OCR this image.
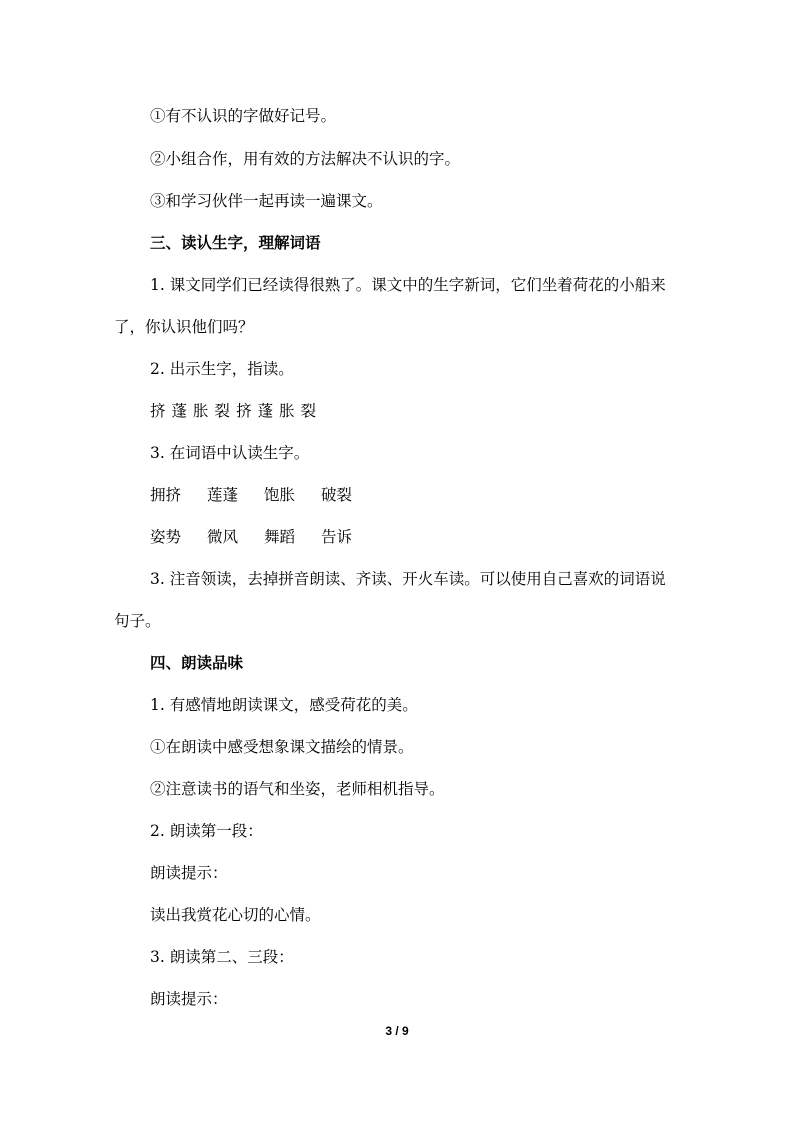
①有不认识的字做好记号。
②小组合作，用有效的方法解决不认识的字。
③和学习伙伴一起再读一遍课文。
三、读认生字，理解词语
1. 课文同学们已经读得很熟了。课文中的生字新词，它们坐着荷花的小船来
了，你认识他们吗？
2. 出示生字，指读。
挤 蓬 胀 裂 挤 蓬 胀 裂
3. 在词语中认读生字。
拥挤 莲蓬 饱胀 破裂
姿势 微风 舞蹈 告诉
3. 注音领读，去掉拼音朗读、齐读、开火车读。可以使用自己喜欢的词语说
句子。
四、朗读品味
1. 有感情地朗读课文，感受荷花的美。
①在朗读中感受想象课文描绘的情景。
②注意读书的语气和坐姿，老师相机指导。
2. 朗读第一段：
朗读提示：
读出我赏花心切的心情。
3. 朗读第二、三段：
朗读提示：
3 / 9
